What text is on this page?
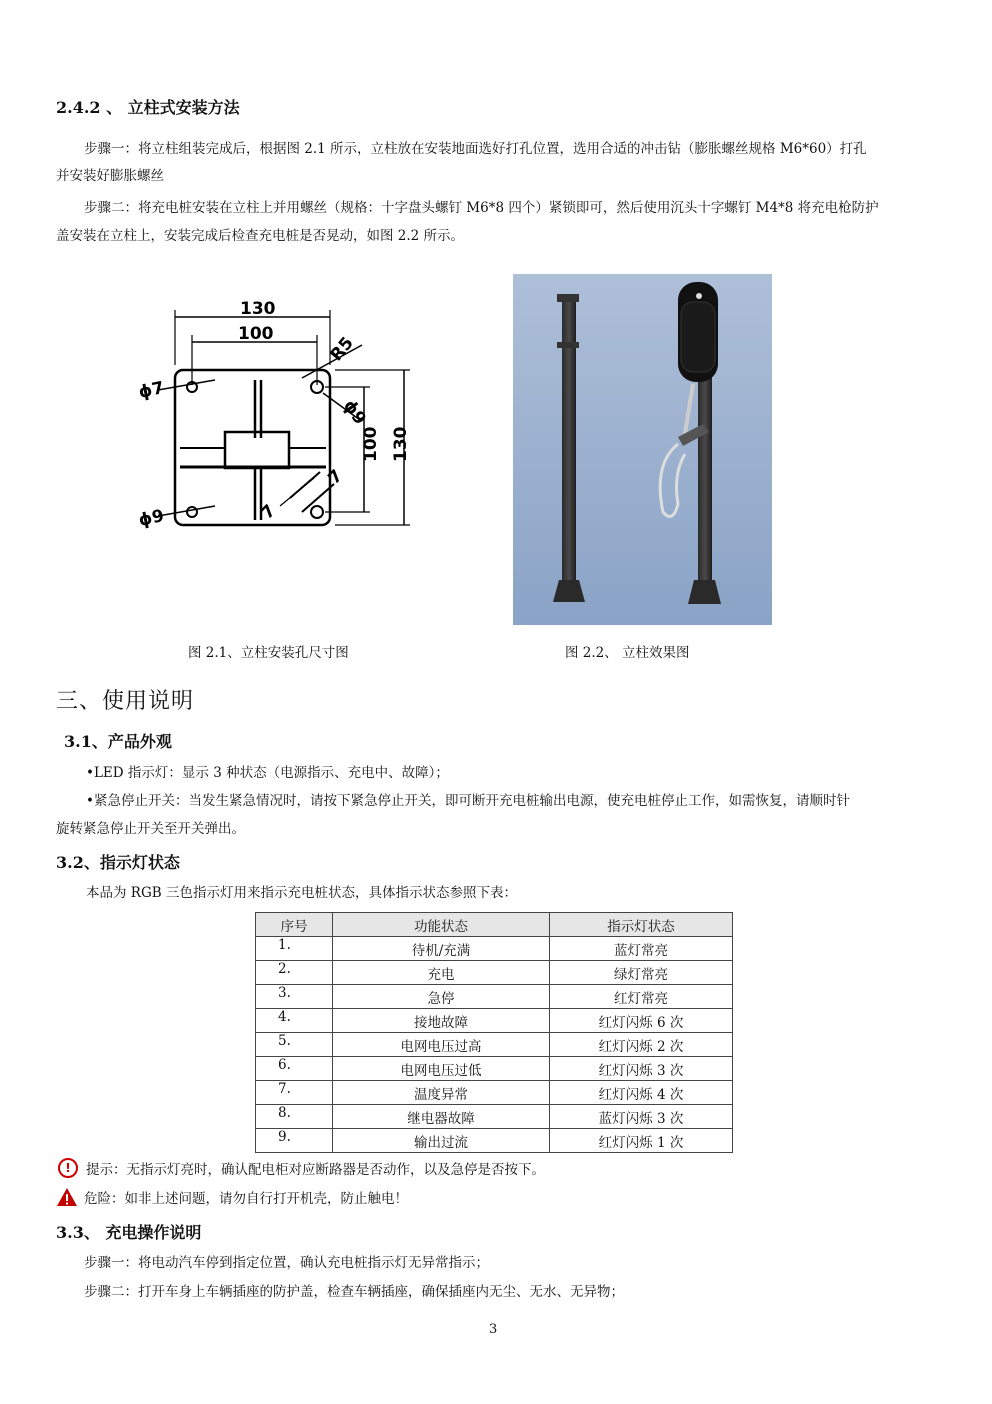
2.4.2 、 立柱式安装方法
步骤一：将立柱组装完成后，根据图 2.1 所示，立柱放在安装地面选好打孔位置，选用合适的冲击钻（膨胀螺丝规格 M6*60）打孔
并安装好膨胀螺丝
步骤二：将充电桩安装在立柱上并用螺丝（规格：十字盘头螺钉 M6*8 四个）紧锁即可，然后使用沉头十字螺钉 M4*8 将充电枪防护
盖安装在立柱上，安装完成后检查充电桩是否晃动，如图 2.2 所示。
130
100
ϕ7
ϕ9
R5
ϕ9
100 130
7
7
图 2.1、立柱安装孔尺寸图	图 2.2、 立柱效果图
三、使用说明
3.1、产品外观
•LED 指示灯：显示 3 种状态（电源指示、充电中、故障）；
•紧急停止开关：当发生紧急情况时，请按下紧急停止开关，即可断开充电桩输出电源，使充电桩停止工作，如需恢复，请顺时针
旋转紧急停止开关至开关弹出。
3.2、指示灯状态
本品为 RGB 三色指示灯用来指示充电桩状态，具体指示状态参照下表：
序号	功能状态	指示灯状态
1.	待机/充满	蓝灯常亮
2.	充电	绿灯常亮
3.	急停	红灯常亮
4.	接地故障	红灯闪烁 6 次
5.	电网电压过高	红灯闪烁 2 次
6.	电网电压过低	红灯闪烁 3 次
7.	温度异常	红灯闪烁 4 次
8.	继电器故障	蓝灯闪烁 3 次
9.	输出过流	红灯闪烁 1 次
!	提示：无指示灯亮时，确认配电柜对应断路器是否动作，以及急停是否按下。
危险：如非上述问题，请勿自行打开机壳，防止触电！
3.3、 充电操作说明
步骤一：将电动汽车停到指定位置，确认充电桩指示灯无异常指示；
步骤二：打开车身上车辆插座的防护盖，检查车辆插座，确保插座内无尘、无水、无异物；
3
